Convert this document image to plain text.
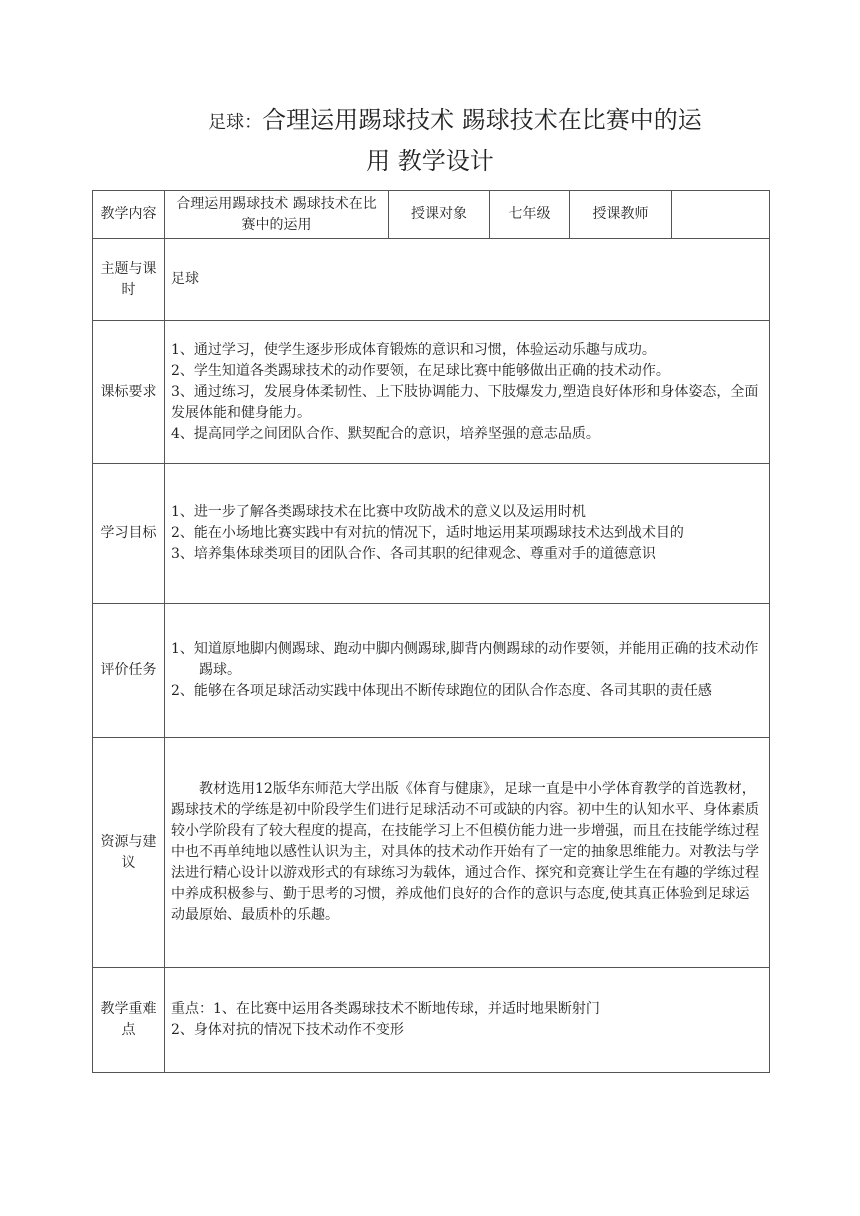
足球：合理运用踢球技术 踢球技术在比赛中的运
用 教学设计
教学内容	合理运用踢球技术 踢球技术在比赛中的运用	授课对象	七年级	授课教师	
主题与课时	足球				
课标要求	1、通过学习，使学生逐步形成体育锻炼的意识和习惯，体验运动乐趣与成功。

2、学生知道各类踢球技术的动作要领，在足球比赛中能够做出正确的技术动作。

3、通过练习，发展身体柔韧性、上下肢协调能力、下肢爆发力,塑造良好体形和身体姿态，全面发展体能和健身能力。

4、提高同学之间团队合作、默契配合的意识，培养坚强的意志品质。				

学习目标	1、进一步了解各类踢球技术在比赛中攻防战术的意义以及运用时机

2、能在小场地比赛实践中有对抗的情况下，适时地运用某项踢球技术达到战术目的

3、培养集体球类项目的团队合作、各司其职的纪律观念、尊重对手的道德意识				

评价任务	1、知道原地脚内侧踢球、跑动中脚内侧踢球,脚背内侧踢球的动作要领，并能用正确的技术动作踢球。

2、能够在各项足球活动实践中体现出不断传球跑位的团队合作态度、各司其职的责任感				

资源与建议	教材选用12版华东师范大学出版《体育与健康》，足球一直是中小学体育教学的首选教材，踢球技术的学练是初中阶段学生们进行足球活动不可或缺的内容。初中生的认知水平、身体素质较小学阶段有了较大程度的提高，在技能学习上不但模仿能力进一步增强，而且在技能学练过程中也不再单纯地以感性认识为主，对具体的技术动作开始有了一定的抽象思维能力。对教法与学法进行精心设计以游戏形式的有球练习为载体，通过合作、探究和竞赛让学生在有趣的学练过程中养成积极参与、勤于思考的习惯，养成他们良好的合作的意识与态度,使其真正体验到足球运动最原始、最质朴的乐趣。				

教学重难点	重点：1、在比赛中运用各类踢球技术不断地传球，并适时地果断射门

2、身体对抗的情况下技术动作不变形				
